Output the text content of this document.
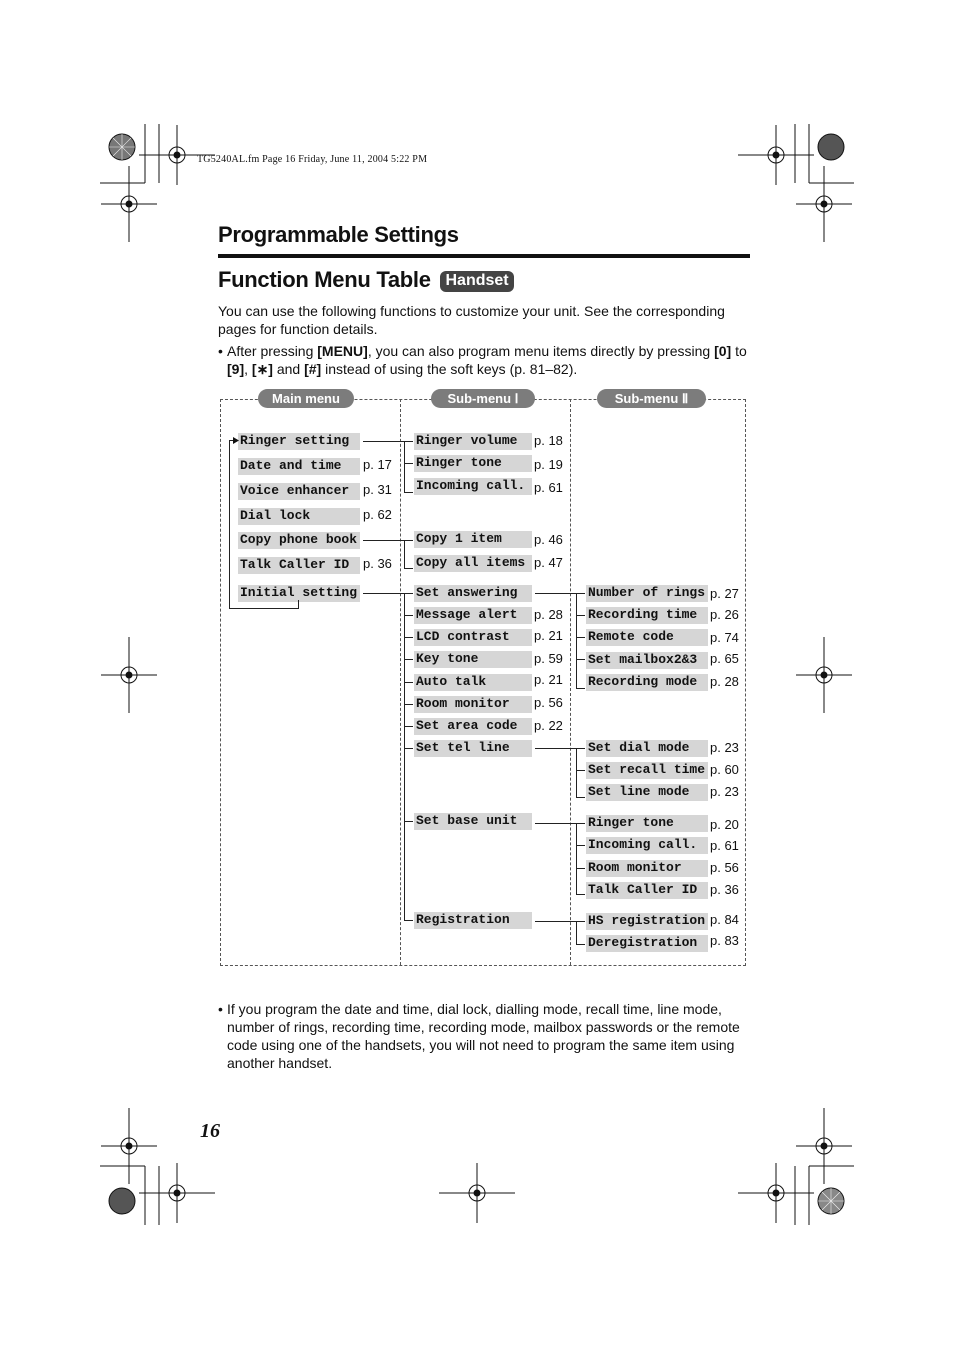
TG5240AL.fm Page 16 Friday, June 11, 2004 5:22 PM
Programmable Settings
Function Menu Table Handset
You can use the following functions to customize your unit. See the corresponding pages for function details.
• After pressing [MENU], you can also program menu items directly by pressing [0] to [9], [∗] and [#] instead of using the soft keys (p. 81–82).
Main menu	Sub-menu Ⅰ	Sub-menu Ⅱ
Ringer setting
Date and time	p. 17
Voice enhancer	p. 31
Dial lock	p. 62
Copy phone book
Talk Caller ID	p. 36
Initial setting
Ringer volume	p. 18
Ringer tone	p. 19
Incoming call. p. 61
Copy 1 item	p. 46
Copy all items p. 47
Set answering
Message alert	p. 28
LCD contrast	p. 21
Key tone	p. 59
Auto talk	p. 21
Room monitor	p. 56
Set area code	p. 22
Set tel line
Set base unit
Registration
Number of rings p. 27
Recording time p. 26
Remote code	p. 74
Set mailbox2&3 p. 65
Recording mode p. 28
Set dial mode	p. 23
Set recall time p. 60
Set line mode	p. 23
Ringer tone	p. 20
Incoming call. p. 61
Room monitor	p. 56
Talk Caller ID p. 36
HS registration p. 84
Deregistration p. 83
• If you program the date and time, dial lock, dialling mode, recall time, line mode, number of rings, recording time, recording mode, mailbox passwords or the remote code using one of the handsets, you will not need to program the same item using another handset.
16
